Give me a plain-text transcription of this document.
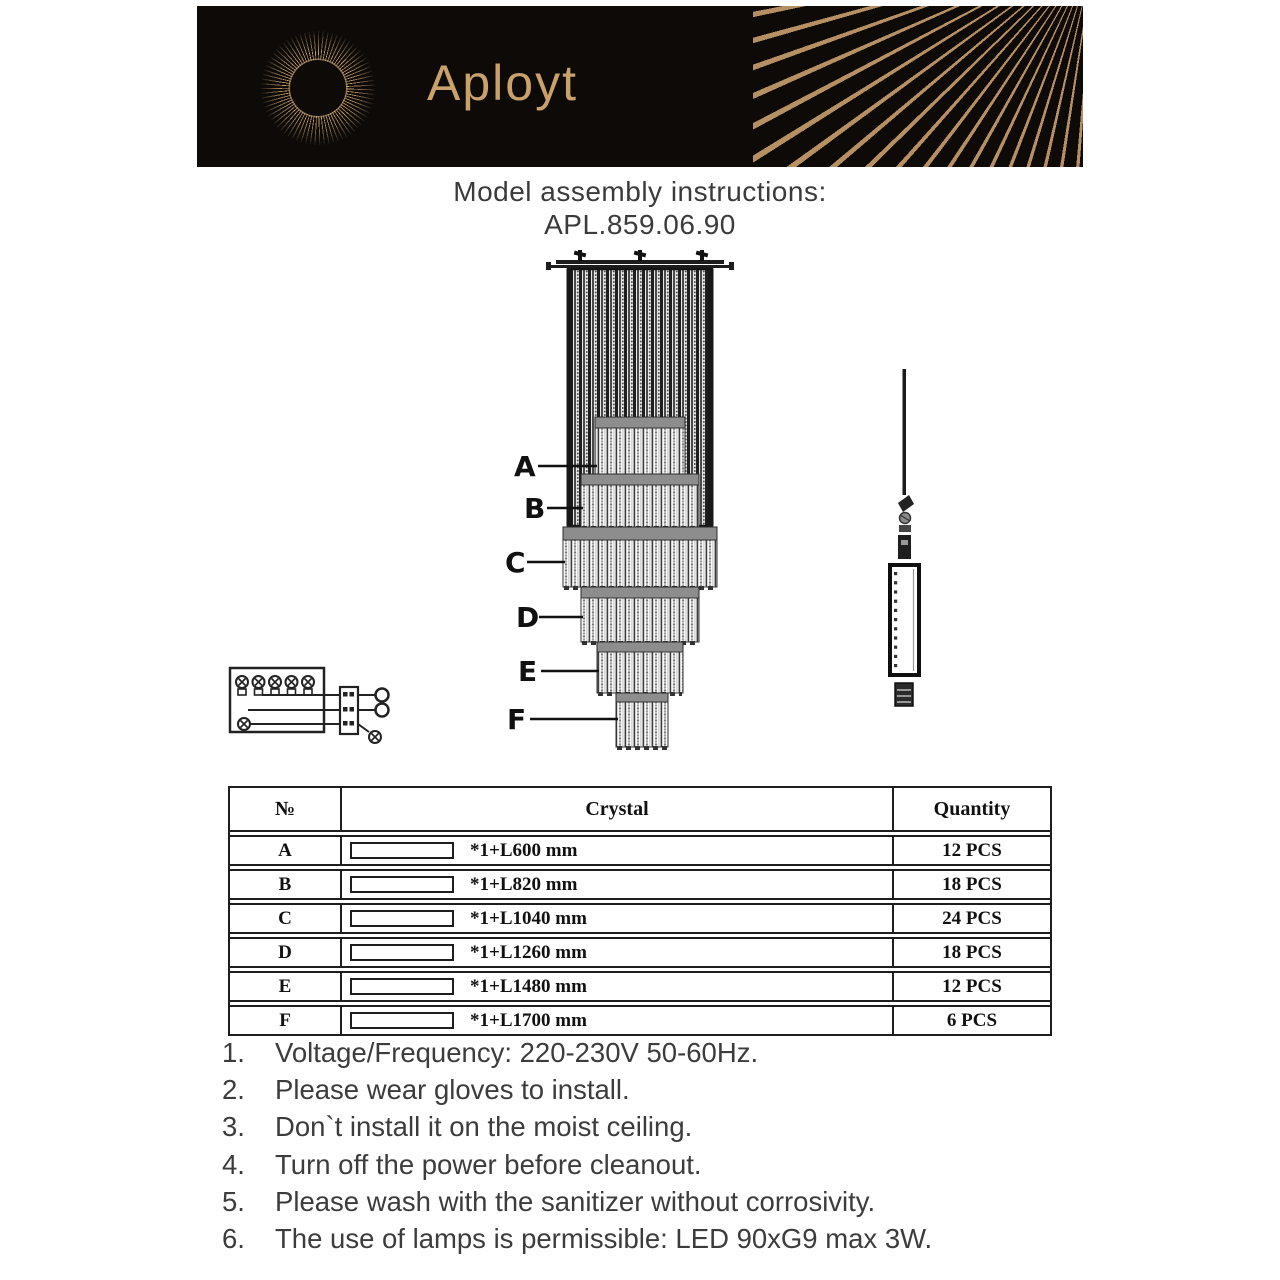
Aployt
Model assembly instructions:
APL.859.06.90
A
B
C
D
E
F
№	Crystal	Quantity
A	*1+L600 mm	12 PCS
B	*1+L820 mm	18 PCS
C	*1+L1040 mm	24 PCS
D	*1+L1260 mm	18 PCS
E	*1+L1480 mm	12 PCS
F	*1+L1700 mm	6 PCS
1.	Voltage/Frequency: 220-230V 50-60Hz.
2.	Please wear gloves to install.
3.	Don`t install it on the moist ceiling.
4.	Turn off the power before cleanout.
5.	Please wash with the sanitizer without corrosivity.
6.	The use of lamps is permissible: LED 90xG9 max 3W.
